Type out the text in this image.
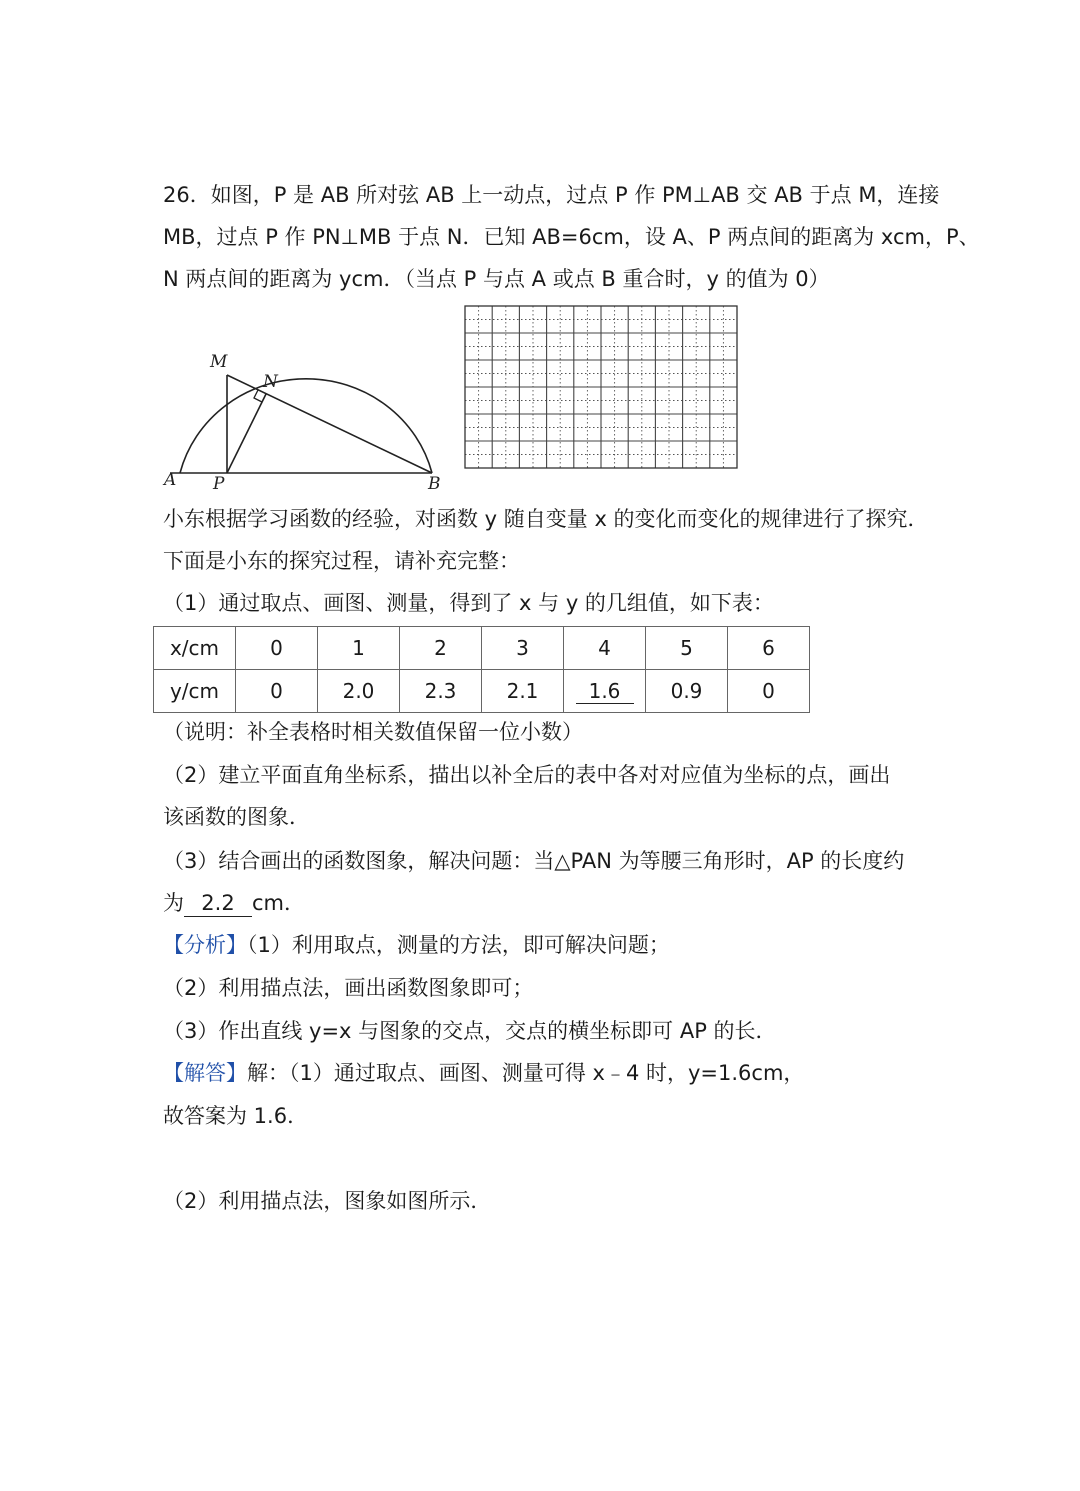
26．如图，P 是 AB 所对弦 AB 上一动点，过点 P 作 PM⊥AB 交 AB 于点 M，连接
MB，过点 P 作 PN⊥MB 于点 N．已知 AB=6cm，设 A、P 两点间的距离为 xcm，P、
N 两点间的距离为 ycm．（当点 P 与点 A 或点 B 重合时，y 的值为 0）
M
N
A P	B
小东根据学习函数的经验，对函数 y 随自变量 x 的变化而变化的规律进行了探究．
下面是小东的探究过程，请补充完整：
（1）通过取点、画图、测量，得到了 x 与 y 的几组值，如下表：
x/cm	0	1	2	3	4	5	6
y/cm	0	2.0	2.3	2.1	1.6	0.9	0
（说明：补全表格时相关数值保留一位小数）
（2）建立平面直角坐标系，描出以补全后的表中各对对应值为坐标的点，画出
该函数的图象．
（3）结合画出的函数图象，解决问题：当△PAN 为等腰三角形时，AP 的长度约
为 2.2 cm．
【分析】（1）利用取点，测量的方法，即可解决问题；
（2）利用描点法，画出函数图象即可；
（3）作出直线 y=x 与图象的交点，交点的横坐标即可 AP 的长．
【解答】解：（1）通过取点、画图、测量可得 x﹣4 时，y=1.6cm，
故答案为 1.6．
（2）利用描点法，图象如图所示．
